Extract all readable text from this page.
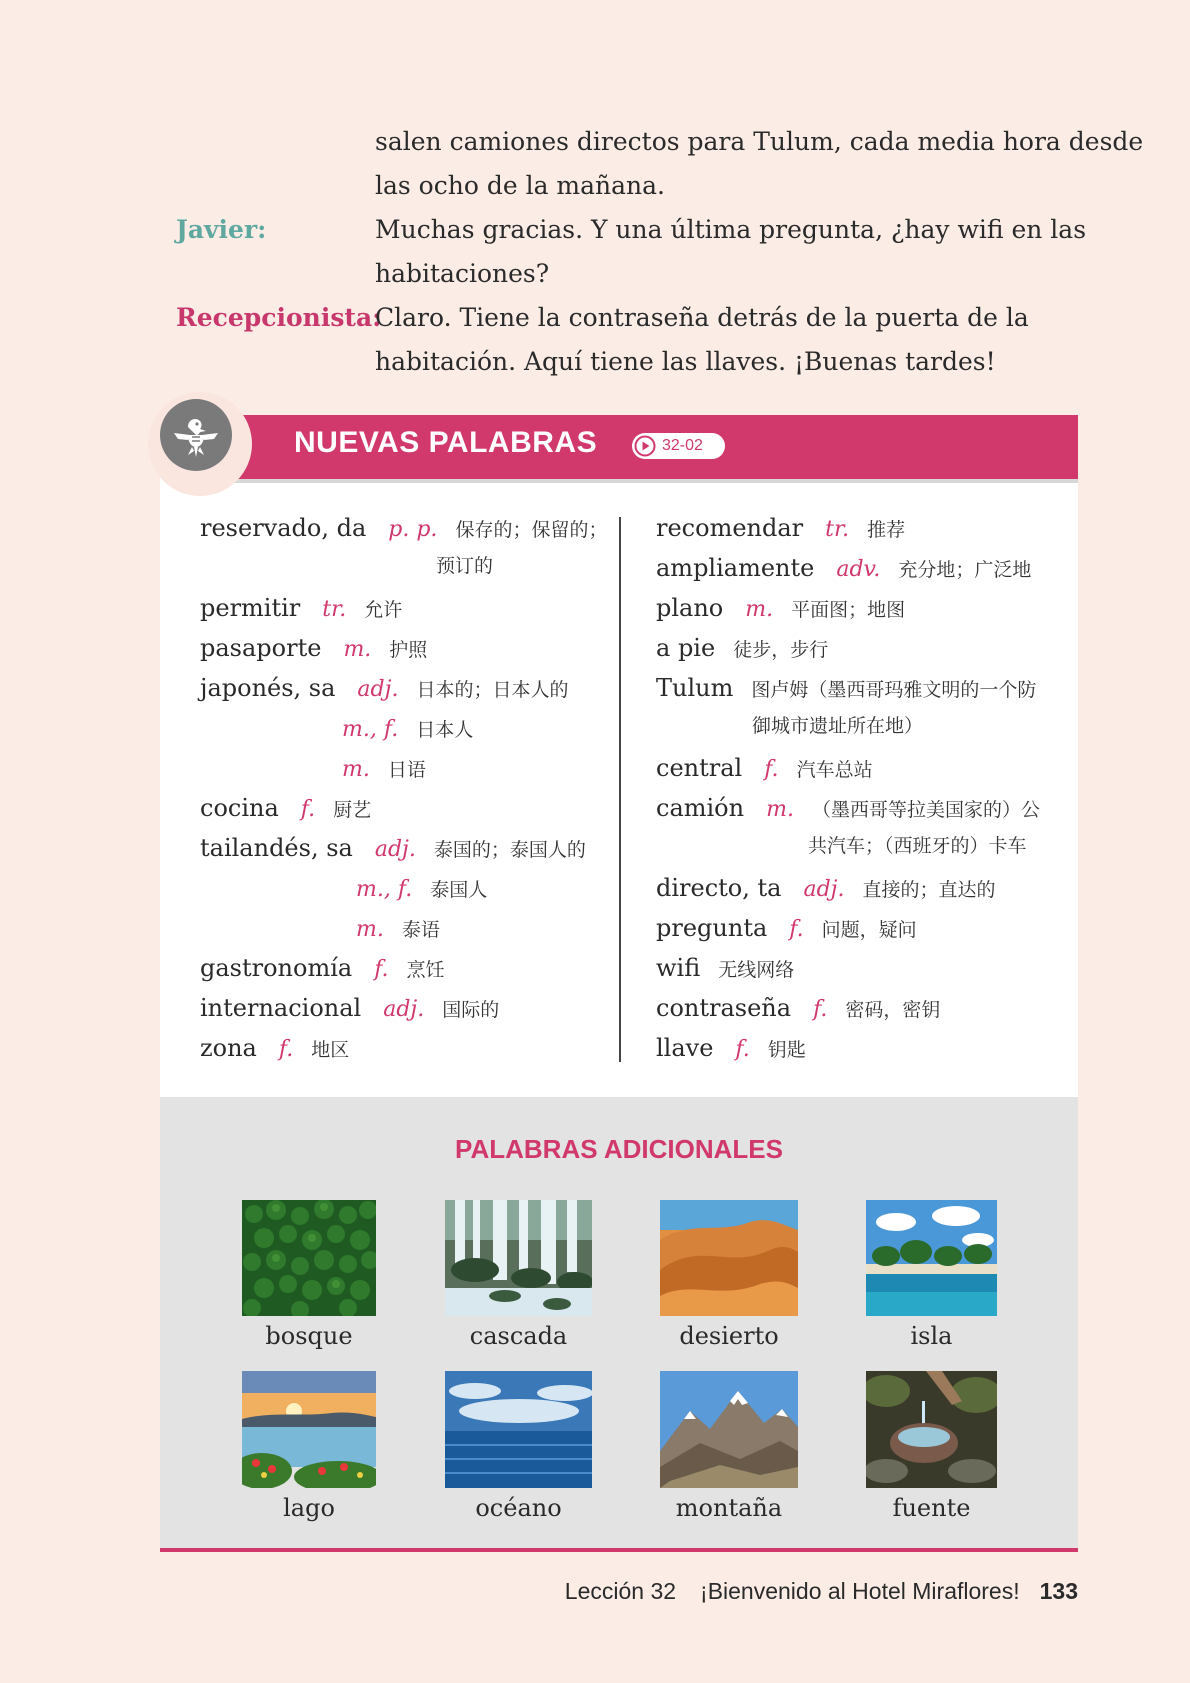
salen camiones directos para Tulum, cada media hora desde
las ocho de la mañana.
Javier:	Muchas gracias. Y una última pregunta, ¿hay wifi en las
habitaciones?
Recepcionista:
Claro. Tiene la contraseña detrás de la puerta de la
habitación. Aquí tiene las llaves. ¡Buenas tardes!
NUEVAS PALABRAS	32-02
reservado, da p. p. 保存的；保留的；
预订的
permitir tr. 允许
pasaporte m. 护照
japonés, sa adj. 日本的；日本人的
m., f. 日本人
m. 日语
cocina f. 厨艺
tailandés, sa adj. 泰国的；泰国人的
m., f. 泰国人
m. 泰语
gastronomía f. 烹饪
internacional adj. 国际的
zona f. 地区
recomendar tr. 推荐
ampliamente adv. 充分地；广泛地
plano m. 平面图；地图
a pie 徒步，步行
Tulum 图卢姆（墨西哥玛雅文明的一个防
御城市遗址所在地）
central f. 汽车总站
camión m. （墨西哥等拉美国家的）公
共汽车；（西班牙的）卡车
directo, ta adj. 直接的；直达的
pregunta f. 问题，疑问
wifi 无线网络
contraseña f. 密码，密钥
llave f. 钥匙
PALABRAS ADICIONALES
bosque	cascada	desierto	isla
lago	océano	montaña	fuente
Lección 32 ¡Bienvenido al Hotel Miraflores! 133
